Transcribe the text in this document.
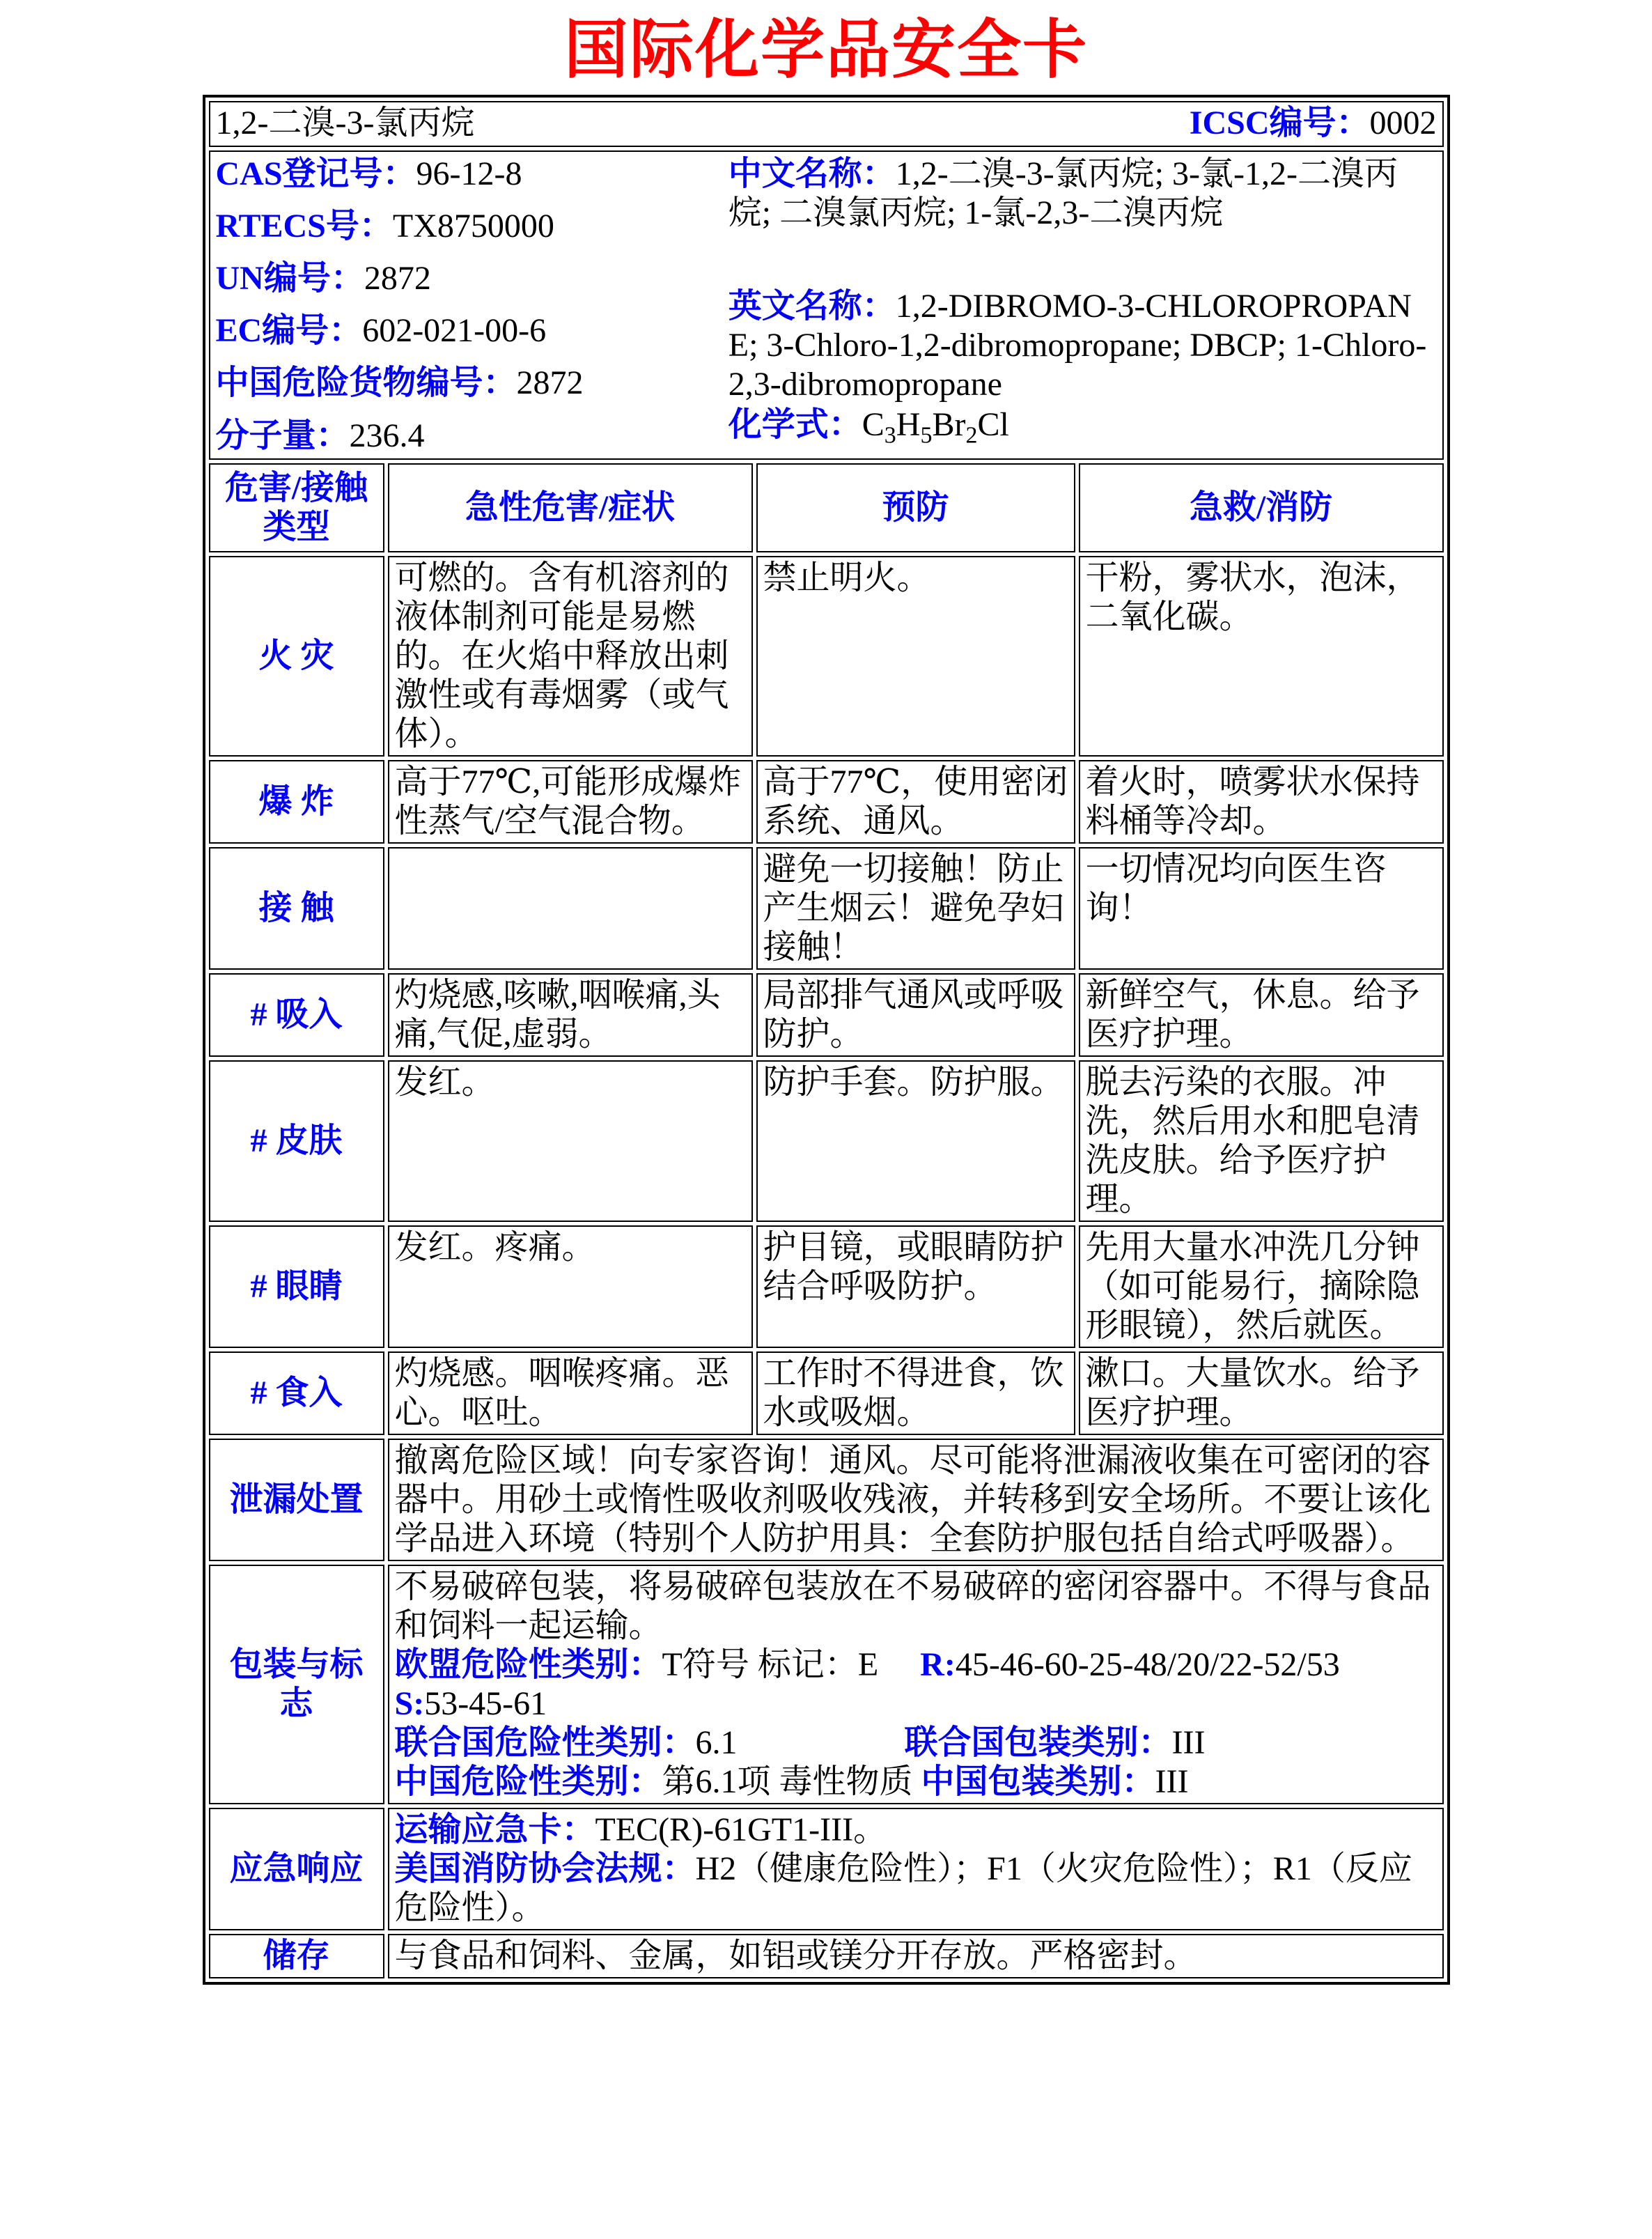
国际化学品安全卡
1,2-二溴-3-氯丙烷 ICSC编号：0002			

CAS登记号：96-12-8
RTECS号：TX8750000
UN编号：2872
EC编号：602-021-00-6
中国危险货物编号：2872
分子量：236.4
中文名称：1,2-二溴-3-氯丙烷; 3-氯-1,2-二溴丙烷; 二溴氯丙烷; 1-氯-2,3-二溴丙烷
英文名称：1,2-DIBROMO-3-CHLOROPROPANE; 3-Chloro-1,2-dibromopropane; DBCP; 1-Chloro-2,3-dibromopropane
化学式：$C_3H_5Br_2Cl$

危害/接触类型	急性危害/症状	预防	急救/消防
火 灾	可燃的。含有机溶剂的液体制剂可能是易燃的。在火焰中释放出刺激性或有毒烟雾（或气体）。	禁止明火。	干粉，雾状水，泡沫，二氧化碳。
爆 炸	高于77℃,可能形成爆炸性蒸气/空气混合物。	高于77℃，使用密闭系统、通风。	着火时，喷雾状水保持料桶等冷却。
接 触		避免一切接触！防止产生烟云！避免孕妇接触！	一切情况均向医生咨询！
# 吸入	灼烧感,咳嗽,咽喉痛,头痛,气促,虚弱。	局部排气通风或呼吸防护。	新鲜空气，休息。给予医疗护理。
# 皮肤	发红。	防护手套。防护服。	脱去污染的衣服。冲洗，然后用水和肥皂清洗皮肤。给予医疗护理。
# 眼睛	发红。疼痛。	护目镜，或眼睛防护结合呼吸防护。	先用大量水冲洗几分钟（如可能易行，摘除隐形眼镜），然后就医。
# 食入	灼烧感。咽喉疼痛。恶心。呕吐。	工作时不得进食，饮水或吸烟。	漱口。大量饮水。给予医疗护理。
泄漏处置	撤离危险区域！向专家咨询！通风。尽可能将泄漏液收集在可密闭的容器中。用砂土或惰性吸收剂吸收残液，并转移到安全场所。不要让该化学品进入环境（特别个人防护用具：全套防护服包括自给式呼吸器）。		
包装与标志	不易破碎包装，将易破碎包装放在不易破碎的密闭容器中。不得与食品和饲料一起运输。
欧盟危险性类别：T符号 标记：E R:45-46-60-25-48/20/22-52/53
S:53-45-61
联合国危险性类别：6.1 联合国包装类别：III
中国危险性类别：第6.1项 毒性物质 中国包装类别：III		

应急响应	运输应急卡：TEC(R)-61GT1-III。
美国消防协会法规：H2（健康危险性）；F1（火灾危险性）；R1（反应危险性）。		

储存	与食品和饲料、金属，如铝或镁分开存放。严格密封。		
